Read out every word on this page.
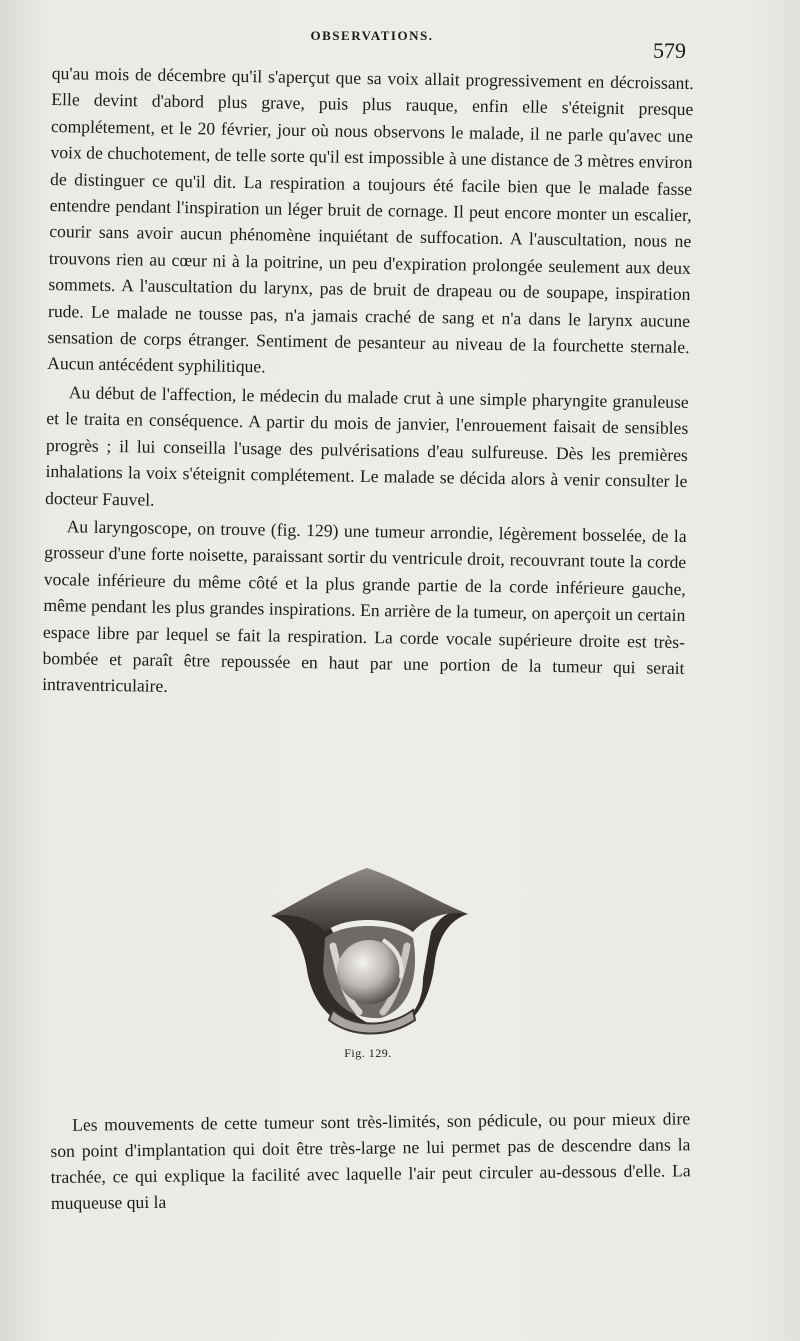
OBSERVATIONS.
579

qu'au mois de décembre qu'il s'aperçut que sa voix allait progressivement en décroissant. Elle devint d'abord plus grave, puis plus rauque, enfin elle s'éteignit presque complétement, et le 20 février, jour où nous observons le malade, il ne parle qu'avec une voix de chuchotement, de telle sorte qu'il est impossible à une distance de 3 mètres environ de distinguer ce qu'il dit. La respiration a toujours été facile bien que le malade fasse entendre pendant l'inspiration un léger bruit de cornage. Il peut encore monter un escalier, courir sans avoir aucun phénomène inquiétant de suffocation. A l'auscultation, nous ne trouvons rien au cœur ni à la poitrine, un peu d'expiration prolongée seulement aux deux sommets. A l'auscultation du larynx, pas de bruit de drapeau ou de soupape, inspiration rude. Le malade ne tousse pas, n'a jamais craché de sang et n'a dans le larynx aucune sensation de corps étranger. Sentiment de pesanteur au niveau de la fourchette sternale. Aucun antécédent syphilitique.

Au début de l'affection, le médecin du malade crut à une simple pharyngite granuleuse et le traita en conséquence. A partir du mois de janvier, l'enrouement faisait de sensibles progrès ; il lui conseilla l'usage des pulvérisations d'eau sulfureuse. Dès les premières inhalations la voix s'éteignit complétement. Le malade se décida alors à venir consulter le docteur Fauvel.

Au laryngoscope, on trouve (fig. 129) une tumeur arrondie, légèrement bosselée, de la grosseur d'une forte noisette, paraissant sortir du ventricule droit, recouvrant toute la corde vocale inférieure du même côté et la plus grande partie de la corde inférieure gauche, même pendant les plus grandes inspirations. En arrière de la tumeur, on aperçoit un certain espace libre par lequel se fait la respiration. La corde vocale supérieure droite est très-bombée et paraît être repoussée en haut par une portion de la tumeur qui serait intraventriculaire.

Fig. 129.

Les mouvements de cette tumeur sont très-limités, son pédicule, ou pour mieux dire son point d'implantation qui doit être très-large ne lui permet pas de descendre dans la trachée, ce qui explique la facilité avec laquelle l'air peut circuler au-dessous d'elle. La muqueuse qui la
